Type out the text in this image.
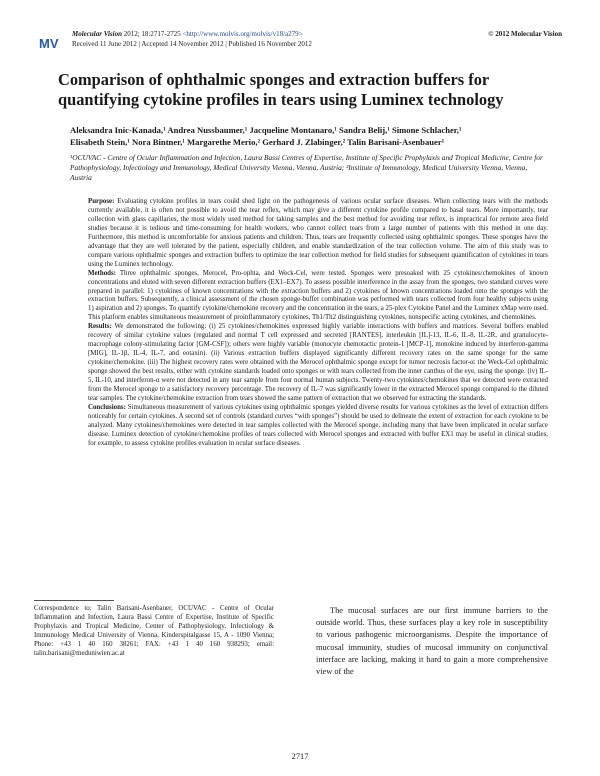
MV
Molecular Vision 2012; 18:2717-2725 <http://www.molvis.org/molvis/v18/a279>
Received 11 June 2012 | Accepted 14 November 2012 | Published 16 November 2012
© 2012 Molecular Vision
Comparison of ophthalmic sponges and extraction buffers for quantifying cytokine profiles in tears using Luminex technology
Aleksandra Inic-Kanada,¹ Andrea Nussbaumer,¹ Jacqueline Montanaro,¹ Sandra Belij,¹ Simone Schlacher,¹
Elisabeth Stein,¹ Nora Bintner,¹ Margarethe Merio,² Gerhard J. Zlabinger,² Talin Barisani-Asenbauer¹
¹OCUVAC - Centre of Ocular Inflammation and Infection, Laura Bassi Centres of Expertise, Institute of Specific Prophylaxis and Tropical Medicine, Centre for Pathophysiology, Infectiology and Immunology, Medical University Vienna, Vienna, Austria; ²Institute of Immunology, Medical University Vienna, Vienna, Austria

Purpose: Evaluating cytokine profiles in tears could shed light on the pathogenesis of various ocular surface diseases. When collecting tears with the methods currently available, it is often not possible to avoid the tear reflex, which may give a different cytokine profile compared to basal tears. More importantly, tear collection with glass capillaries, the most widely used method for taking samples and the best method for avoiding tear reflex, is impractical for remote area field studies because it is tedious and time-consuming for health workers, who cannot collect tears from a large number of patients with this method in one day. Furthermore, this method is uncomfortable for anxious patients and children. Thus, tears are frequently collected using ophthalmic sponges. These sponges have the advantage that they are well tolerated by the patient, especially children, and enable standardization of the tear collection volume. The aim of this study was to compare various ophthalmic sponges and extraction buffers to optimize the tear collection method for field studies for subsequent quantification of cytokines in tears using the Luminex technology.

Methods: Three ophthalmic sponges, Merocel, Pro-ophta, and Weck-Cel, were tested. Sponges were presoaked with 25 cytokines/chemokines of known concentrations and eluted with seven different extraction buffers (EX1–EX7). To assess possible interference in the assay from the sponges, two standard curves were prepared in parallel: 1) cytokines of known concentrations with the extraction buffers and 2) cytokines of known concentrations loaded onto the sponges with the extraction buffers. Subsequently, a clinical assessment of the chosen sponge-buffer combination was performed with tears collected from four healthy subjects using 1) aspiration and 2) sponges. To quantify cytokine/chemokine recovery and the concentration in the tears, a 25-plex Cytokine Panel and the Luminex xMap were used. This platform enables simultaneous measurement of proinflammatory cytokines, Th1/Th2 distinguishing cytokines, nonspecific acting cytokines, and chemokines.

Results: We demonstrated the following: (i) 25 cytokines/chemokines expressed highly variable interactions with buffers and matrices. Several buffers enabled recovery of similar cytokine values (regulated and normal T cell expressed and secreted [RANTES], interleukin [IL]-13, IL-6, IL-8, IL-2R, and granulocyte-macrophage colony-stimulating factor [GM-CSF]); others were highly variable (monocyte chemotactic protein-1 [MCP-1], monokine induced by interferon-gamma [MIG], IL-1β, IL-4, IL-7, and eotaxin). (ii) Various extraction buffers displayed significantly different recovery rates on the same sponge for the same cytokine/chemokine. (iii) The highest recovery rates were obtained with the Merocel ophthalmic sponge except for tumor necrosis factor-α: the Weck-Cel ophthalmic sponge showed the best results, either with cytokine standards loaded onto sponges or with tears collected from the inner canthus of the eye, using the sponge. (iv) IL-5, IL-10, and interferon-α were not detected in any tear sample from four normal human subjects. Twenty-two cytokines/chemokines that we detected were extracted from the Merocel sponge to a satisfactory recovery percentage. The recovery of IL-7 was significantly lower in the extracted Merocel sponge compared to the diluted tear samples. The cytokine/chemokine extraction from tears showed the same pattern of extraction that we observed for extracting the standards.

Conclusions: Simultaneous measurement of various cytokines using ophthalmic sponges yielded diverse results for various cytokines as the level of extraction differs noticeably for certain cytokines. A second set of controls (standard curves “with sponges”) should be used to delineate the extent of extraction for each cytokine to be analyzed. Many cytokines/chemokines were detected in tear samples collected with the Merocel sponge, including many that have been implicated in ocular surface disease. Luminex detection of cytokine/chemokine profiles of tears collected with Merocel sponges and extracted with buffer EX1 may be useful in clinical studies, for example, to assess cytokine profiles evaluation in ocular surface diseases.

Correspondence to: Talin Barisani-Asenbauer, OCUVAC - Centre of Ocular Inflammation and Infection, Laura Bassi Centre of Expertise, Institute of Specific Prophylaxis and Tropical Medicine, Center of Pathophysiology, Infectiology & Immunology Medical University of Vienna, Kinderspitalgasse 15, A - 1090 Vienna; Phone: +43 1 40 160 38261; FAX: +43 1 40 160 938293; email: talin.barisani@meduniwien.ac.at
The mucosal surfaces are our first immune barriers to the outside world. Thus, these surfaces play a key role in susceptibility to various pathogenic microorganisms. Despite the importance of mucosal immunity, studies of mucosal immunity on conjunctival interface are lacking, making it hard to gain a more comprehensive view of the
2717
